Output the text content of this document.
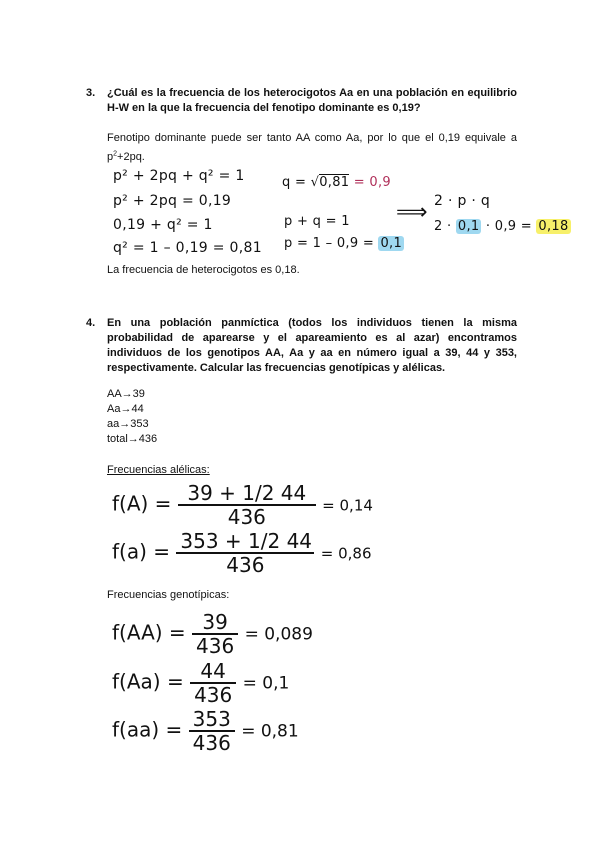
3. ¿Cuál es la frecuencia de los heterocigotos Aa en una población en equilibrio H-W en la que la frecuencia del fenotipo dominante es 0,19?
Fenotipo dominante puede ser tanto AA como Aa, por lo que el 0,19 equivale a $p^2+2pq$.
p² + 2pq + q² = 1
p² + 2pq = 0,19
0,19 + q² = 1
q² = 1 – 0,19 = 0,81
q = √0,81 = 0,9
p + q = 1
p = 1 – 0,9 = 0,1
⟹ 2 · p · q
2 · 0,1 · 0,9 = 0,18
La frecuencia de heterocigotos es 0,18.
4. En una población panmíctica (todos los individuos tienen la misma probabilidad de aparearse y el apareamiento es al azar) encontramos individuos de los genotipos AA, Aa y aa en número igual a 39, 44 y 353, respectivamente. Calcular las frecuencias genotípicas y alélicas.
AA→39
Aa→44
aa→353
total→436
Frecuencias alélicas:
$f(A) = \frac{39 + 1/2 44}{436} = 0,14$
$f(a) = \frac{353 + 1/2 44}{436} = 0,86$
Frecuencias genotípicas:
$f(AA) = \frac{39}{436} = 0,089$
$f(Aa) = \frac{44}{436} = 0,1$
$f(aa) = \frac{353}{436} = 0,81$
